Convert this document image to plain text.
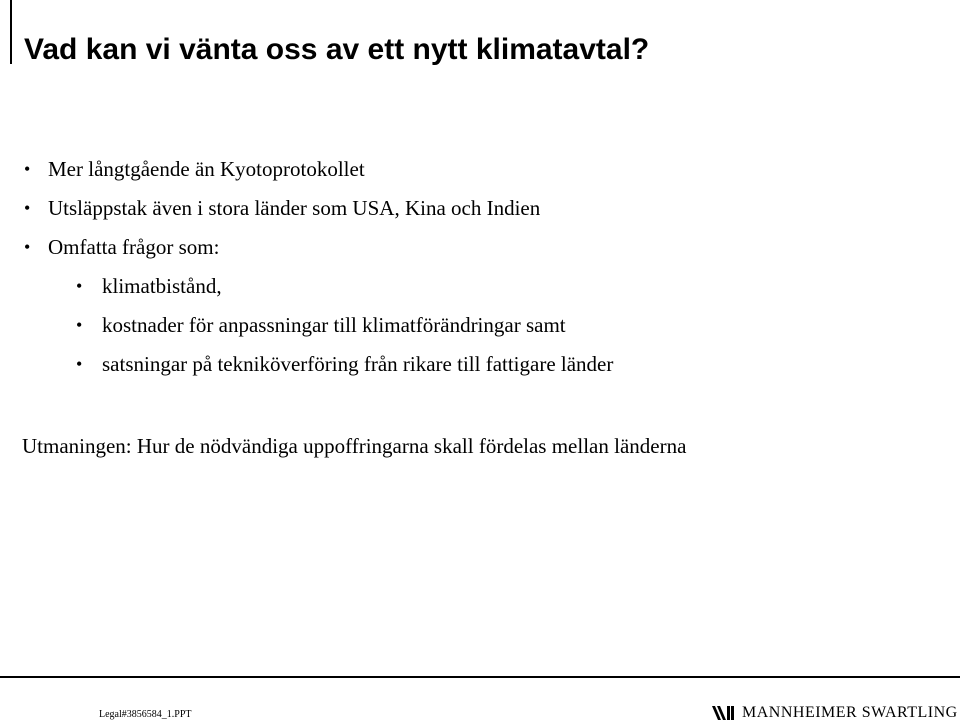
Vad kan vi vänta oss av ett nytt klimatavtal?
• Mer långtgående än Kyotoprotokollet
• Utsläppstak även i stora länder som USA, Kina och Indien
• Omfatta frågor som:
• klimatbistånd,
• kostnader för anpassningar till klimatförändringar samt
• satsningar på tekniköverföring från rikare till fattigare länder
Utmaningen: Hur de nödvändiga uppoffringarna skall fördelas mellan länderna
Legal#3856584_1.PPT	MANNHEIMER SWARTLING
